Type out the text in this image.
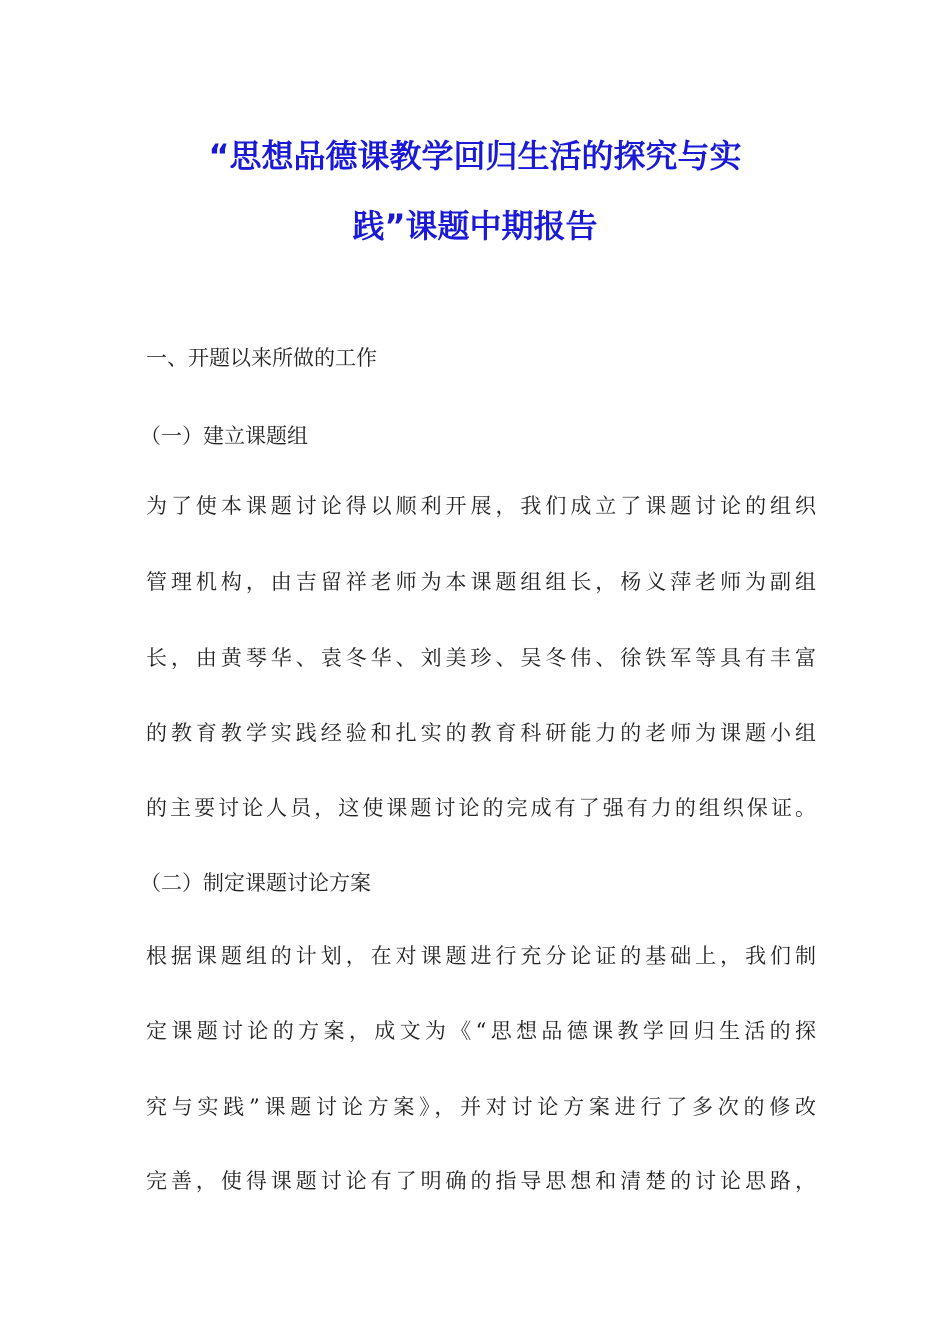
“思想品德课教学回归生活的探究与实
践”课题中期报告
一、开题以来所做的工作
（一）建立课题组
为了使本课题讨论得以顺利开展，我们成立了课题讨论的组织
管理机构，由吉留祥老师为本课题组组长，杨义萍老师为副组
长，由黄琴华、袁冬华、刘美珍、吴冬伟、徐铁军等具有丰富
的教育教学实践经验和扎实的教育科研能力的老师为课题小组
的主要讨论人员，这使课题讨论的完成有了强有力的组织保证。
（二）制定课题讨论方案
根据课题组的计划，在对课题进行充分论证的基础上，我们制
定课题讨论的方案，成文为《“思想品德课教学回归生活的探
究与实践”课题讨论方案》，并对讨论方案进行了多次的修改
完善，使得课题讨论有了明确的指导思想和清楚的讨论思路，
